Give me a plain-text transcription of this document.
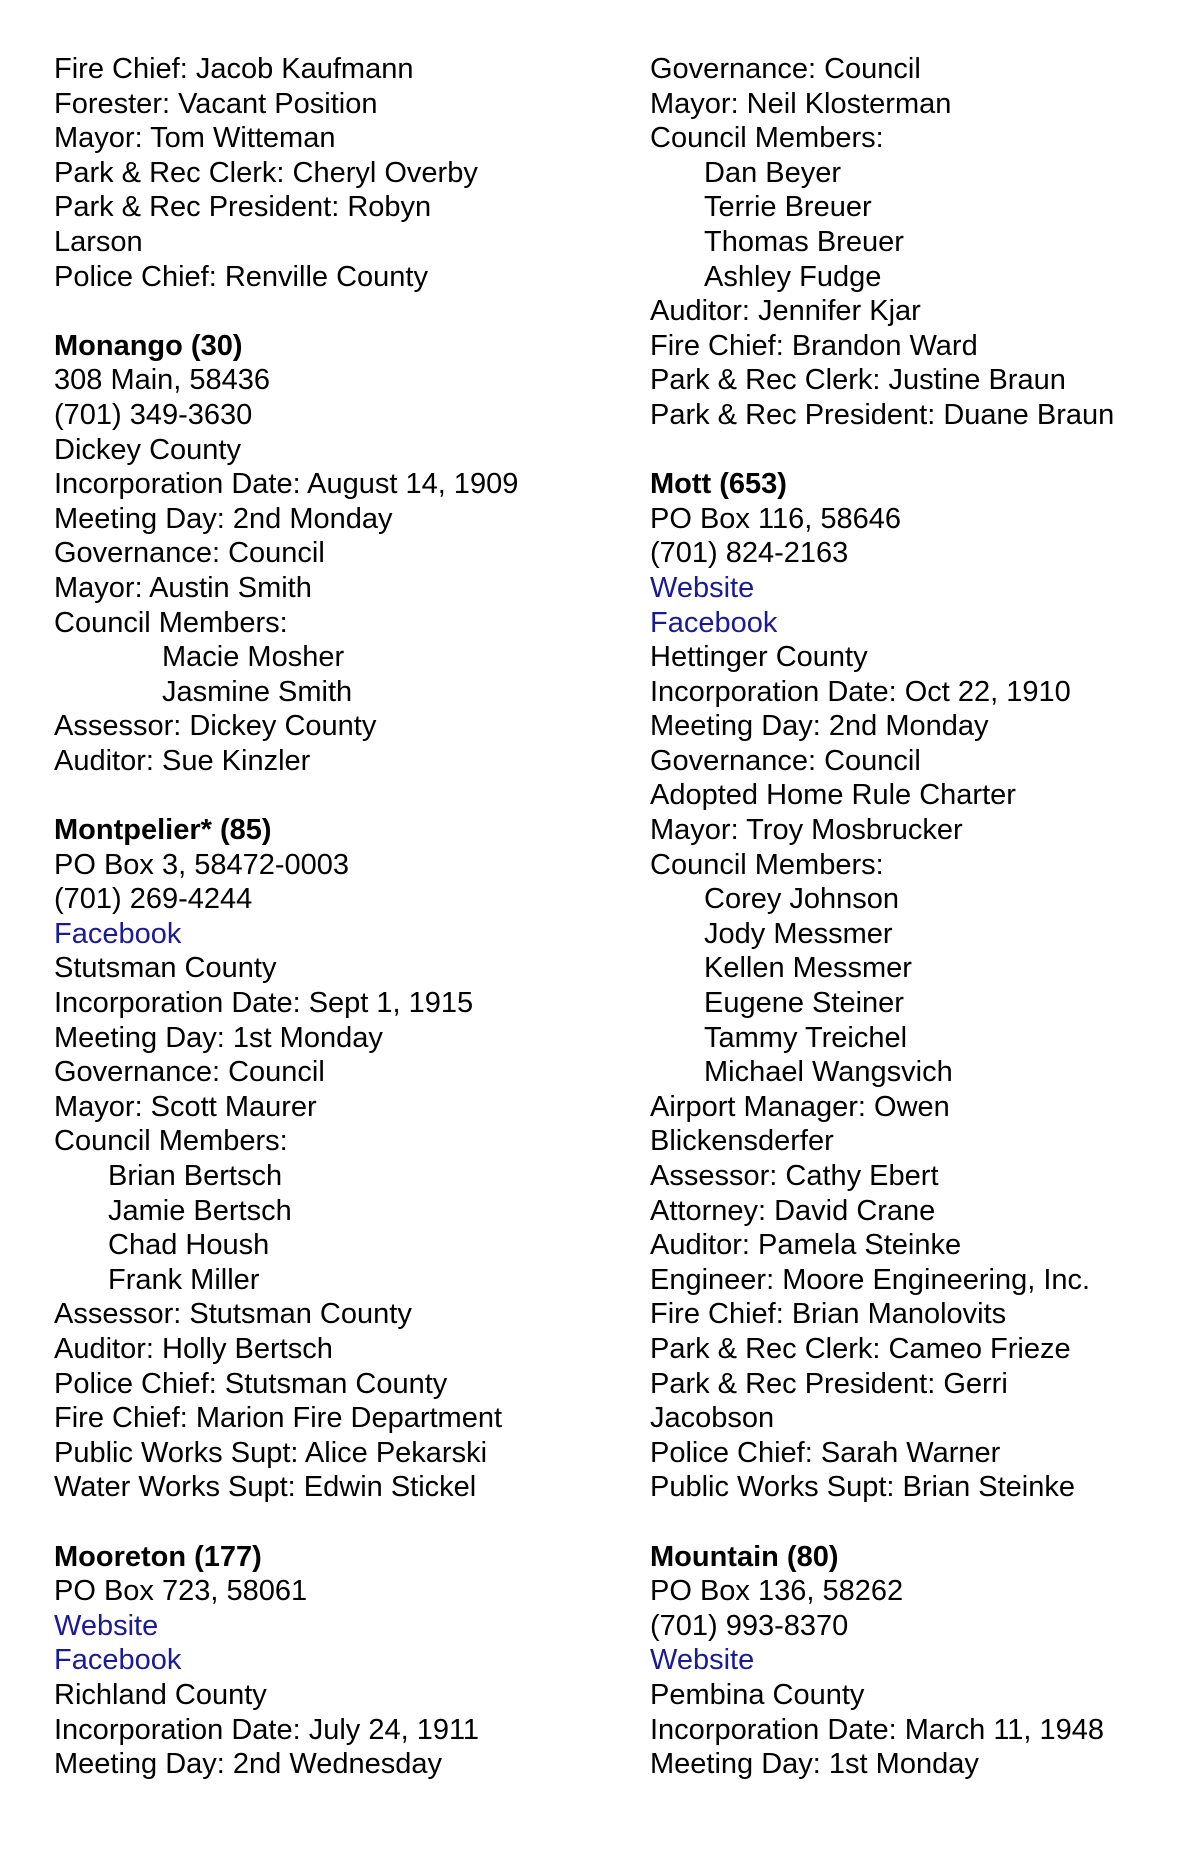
Fire Chief: Jacob Kaufmann
Forester: Vacant Position
Mayor: Tom Witteman
Park & Rec Clerk: Cheryl Overby
Park & Rec President: Robyn
Larson
Police Chief: Renville County
Monango (30)
308 Main, 58436
(701) 349-3630
Dickey County
Incorporation Date: August 14, 1909
Meeting Day: 2nd Monday
Governance: Council
Mayor: Austin Smith
Council Members:
Macie Mosher
Jasmine Smith
Assessor: Dickey County
Auditor: Sue Kinzler
Montpelier* (85)
PO Box 3, 58472-0003
(701) 269-4244
Facebook
Stutsman County
Incorporation Date: Sept 1, 1915
Meeting Day: 1st Monday
Governance: Council
Mayor: Scott Maurer
Council Members:
Brian Bertsch
Jamie Bertsch
Chad Housh
Frank Miller
Assessor: Stutsman County
Auditor: Holly Bertsch
Police Chief: Stutsman County
Fire Chief: Marion Fire Department
Public Works Supt: Alice Pekarski
Water Works Supt: Edwin Stickel
Mooreton (177)
PO Box 723, 58061
Website
Facebook
Richland County
Incorporation Date: July 24, 1911
Meeting Day: 2nd Wednesday
Governance: Council
Mayor: Neil Klosterman
Council Members:
Dan Beyer
Terrie Breuer
Thomas Breuer
Ashley Fudge
Auditor: Jennifer Kjar
Fire Chief: Brandon Ward
Park & Rec Clerk: Justine Braun
Park & Rec President: Duane Braun
Mott (653)
PO Box 116, 58646
(701) 824-2163
Website
Facebook
Hettinger County
Incorporation Date: Oct 22, 1910
Meeting Day: 2nd Monday
Governance: Council
Adopted Home Rule Charter
Mayor: Troy Mosbrucker
Council Members:
Corey Johnson
Jody Messmer
Kellen Messmer
Eugene Steiner
Tammy Treichel
Michael Wangsvich
Airport Manager: Owen
Blickensderfer
Assessor: Cathy Ebert
Attorney: David Crane
Auditor: Pamela Steinke
Engineer: Moore Engineering, Inc.
Fire Chief: Brian Manolovits
Park & Rec Clerk: Cameo Frieze
Park & Rec President: Gerri
Jacobson
Police Chief: Sarah Warner
Public Works Supt: Brian Steinke
Mountain (80)
PO Box 136, 58262
(701) 993-8370
Website
Pembina County
Incorporation Date: March 11, 1948
Meeting Day: 1st Monday
